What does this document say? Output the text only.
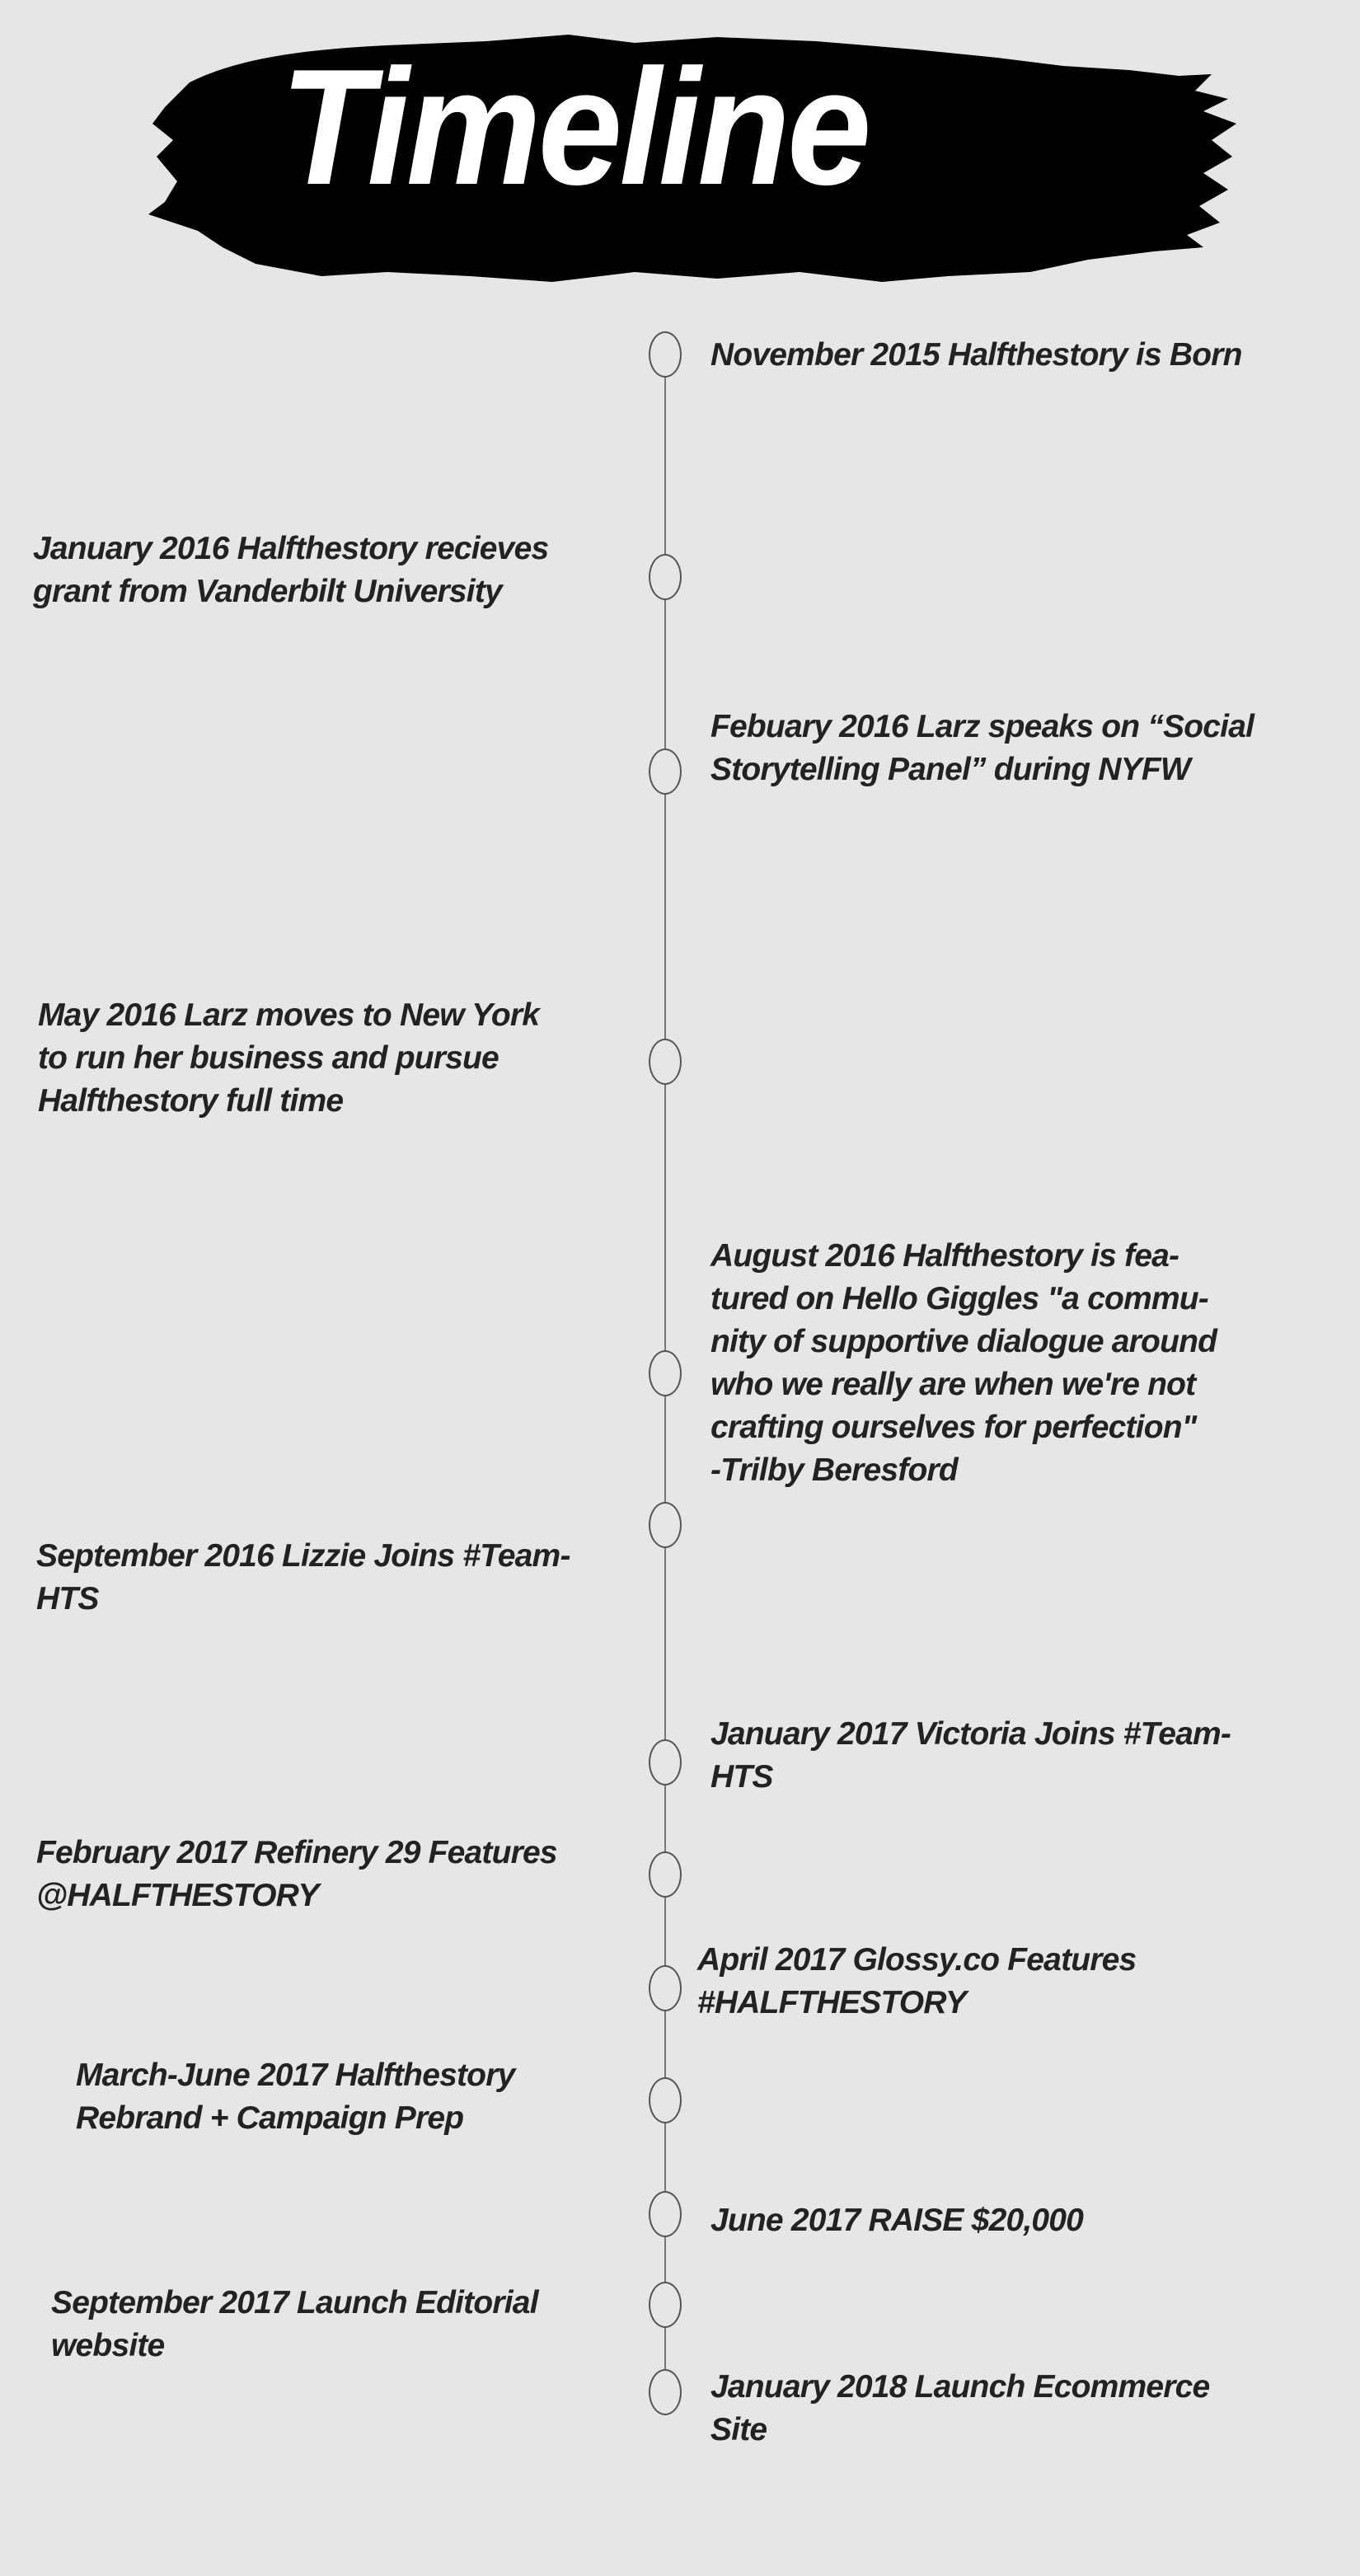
Timeline
November 2015 Halfthestory is Born
January 2016 Halfthestory recieves
grant from Vanderbilt University
Febuary 2016 Larz speaks on “Social
Storytelling Panel” during NYFW
May 2016 Larz moves to New York
to run her business and pursue
Halfthestory full time
August 2016 Halfthestory is fea-
tured on Hello Giggles "a commu-
nity of supportive dialogue around
who we really are when we're not
crafting ourselves for perfection"
-Trilby Beresford
September 2016 Lizzie Joins #Team-
HTS
January 2017 Victoria Joins #Team-
HTS
February 2017 Refinery 29 Features
@HALFTHESTORY
April 2017 Glossy.co Features
#HALFTHESTORY
March-June 2017 Halfthestory
Rebrand + Campaign Prep
June 2017 RAISE $20,000
September 2017 Launch Editorial
website
January 2018 Launch Ecommerce
Site
